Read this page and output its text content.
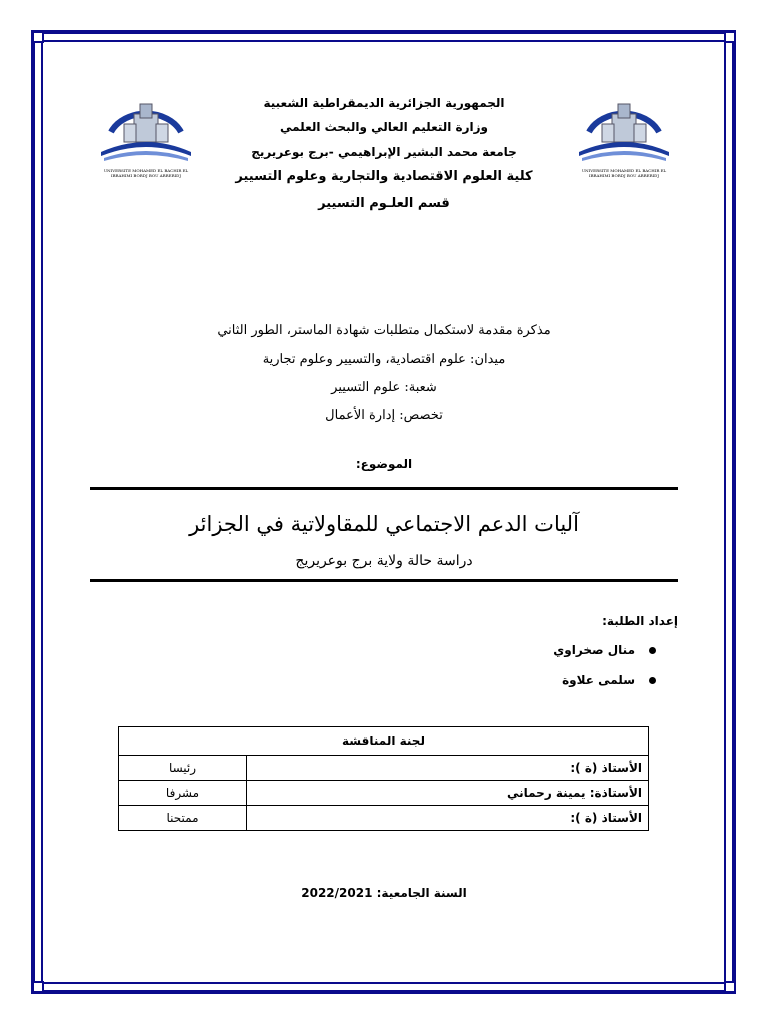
UNIVERSITE MOHAMED EL BACHIR EL IBRAHIMI BORDJ BOU ARRERIDJ
UNIVERSITE MOHAMED EL BACHIR EL IBRAHIMI BORDJ BOU ARRERIDJ
الجمهورية الجزائرية الديمقراطية الشعبية
وزارة التعليم العالي والبحث العلمي
جامعة محمد البشير الإبراهيمي -برج بوعريريج
كلية العلوم الاقتصادية والتجارية وعلوم التسيير
قسم العلـوم التسيير
مذكرة مقدمة لاستكمال متطلبات شهادة الماستر، الطور الثاني
ميدان: علوم اقتصادية، والتسيير وعلوم تجارية
شعبة: علوم التسيير
تخصص: إدارة الأعمال
الموضوع:
آليات الدعم الاجتماعي للمقاولاتية في الجزائر
دراسة حالة ولاية برج بوعريريج
إعداد الطلبة:
منال صخراوي
سلمى علاوة
لجنة المناقشة	
الأستاذ (ة ):	رئيسا
الأستاذة: يمينة رحماني	مشرفا
الأستاذ (ة ):	ممتحنا
السنة الجامعية: 2022/2021
